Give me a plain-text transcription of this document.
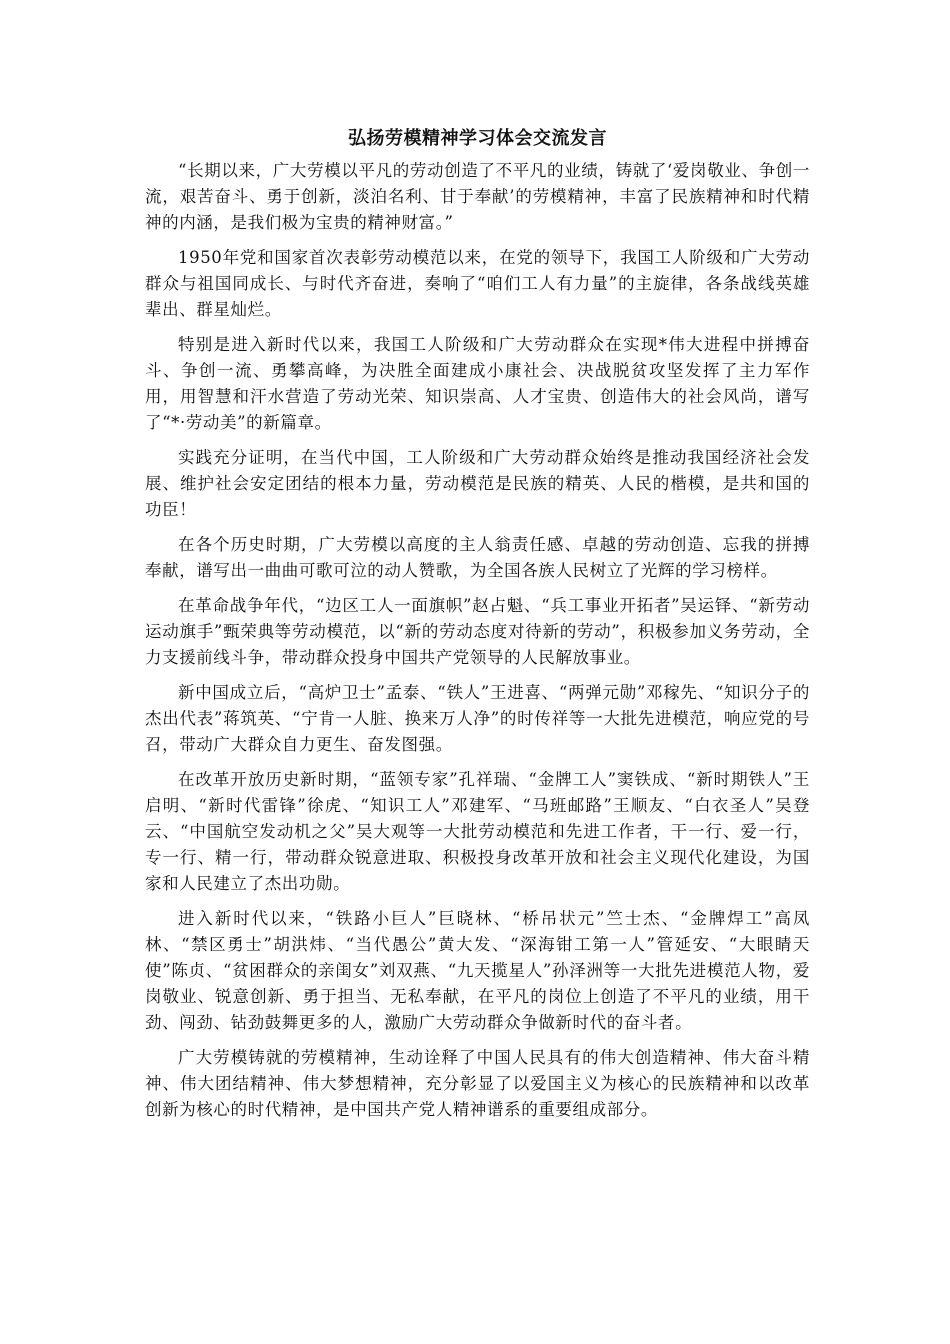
弘扬劳模精神学习体会交流发言

“长期以来，广大劳模以平凡的劳动创造了不平凡的业绩，铸就了‘爱岗敬业、争创一流，艰苦奋斗、勇于创新，淡泊名利、甘于奉献’的劳模精神，丰富了民族精神和时代精神的内涵，是我们极为宝贵的精神财富。”

1950年党和国家首次表彰劳动模范以来，在党的领导下，我国工人阶级和广大劳动群众与祖国同成长、与时代齐奋进，奏响了“咱们工人有力量”的主旋律，各条战线英雄辈出、群星灿烂。

特别是进入新时代以来，我国工人阶级和广大劳动群众在实现*伟大进程中拼搏奋斗、争创一流、勇攀高峰，为决胜全面建成小康社会、决战脱贫攻坚发挥了主力军作用，用智慧和汗水营造了劳动光荣、知识崇高、人才宝贵、创造伟大的社会风尚，谱写了“*·劳动美”的新篇章。

实践充分证明，在当代中国，工人阶级和广大劳动群众始终是推动我国经济社会发展、维护社会安定团结的根本力量，劳动模范是民族的精英、人民的楷模，是共和国的功臣！

在各个历史时期，广大劳模以高度的主人翁责任感、卓越的劳动创造、忘我的拼搏奉献，谱写出一曲曲可歌可泣的动人赞歌，为全国各族人民树立了光辉的学习榜样。

在革命战争年代，“边区工人一面旗帜”赵占魁、“兵工事业开拓者”吴运铎、“新劳动运动旗手”甄荣典等劳动模范，以“新的劳动态度对待新的劳动”，积极参加义务劳动，全力支援前线斗争，带动群众投身中国共产党领导的人民解放事业。

新中国成立后，“高炉卫士”孟泰、“铁人”王进喜、“两弹元勋”邓稼先、“知识分子的杰出代表”蒋筑英、“宁肯一人脏、换来万人净”的时传祥等一大批先进模范，响应党的号召，带动广大群众自力更生、奋发图强。

在改革开放历史新时期，“蓝领专家”孔祥瑞、“金牌工人”窦铁成、“新时期铁人”王启明、“新时代雷锋”徐虎、“知识工人”邓建军、“马班邮路”王顺友、“白衣圣人”吴登云、“中国航空发动机之父”吴大观等一大批劳动模范和先进工作者，干一行、爱一行，专一行、精一行，带动群众锐意进取、积极投身改革开放和社会主义现代化建设，为国家和人民建立了杰出功勋。

进入新时代以来，“铁路小巨人”巨晓林、“桥吊状元”竺士杰、“金牌焊工”高凤林、“禁区勇士”胡洪炜、“当代愚公”黄大发、“深海钳工第一人”管延安、“大眼睛天使”陈贞、“贫困群众的亲闺女”刘双燕、“九天揽星人”孙泽洲等一大批先进模范人物，爱岗敬业、锐意创新、勇于担当、无私奉献，在平凡的岗位上创造了不平凡的业绩，用干劲、闯劲、钻劲鼓舞更多的人，激励广大劳动群众争做新时代的奋斗者。

广大劳模铸就的劳模精神，生动诠释了中国人民具有的伟大创造精神、伟大奋斗精神、伟大团结精神、伟大梦想精神，充分彰显了以爱国主义为核心的民族精神和以改革创新为核心的时代精神，是中国共产党人精神谱系的重要组成部分。
